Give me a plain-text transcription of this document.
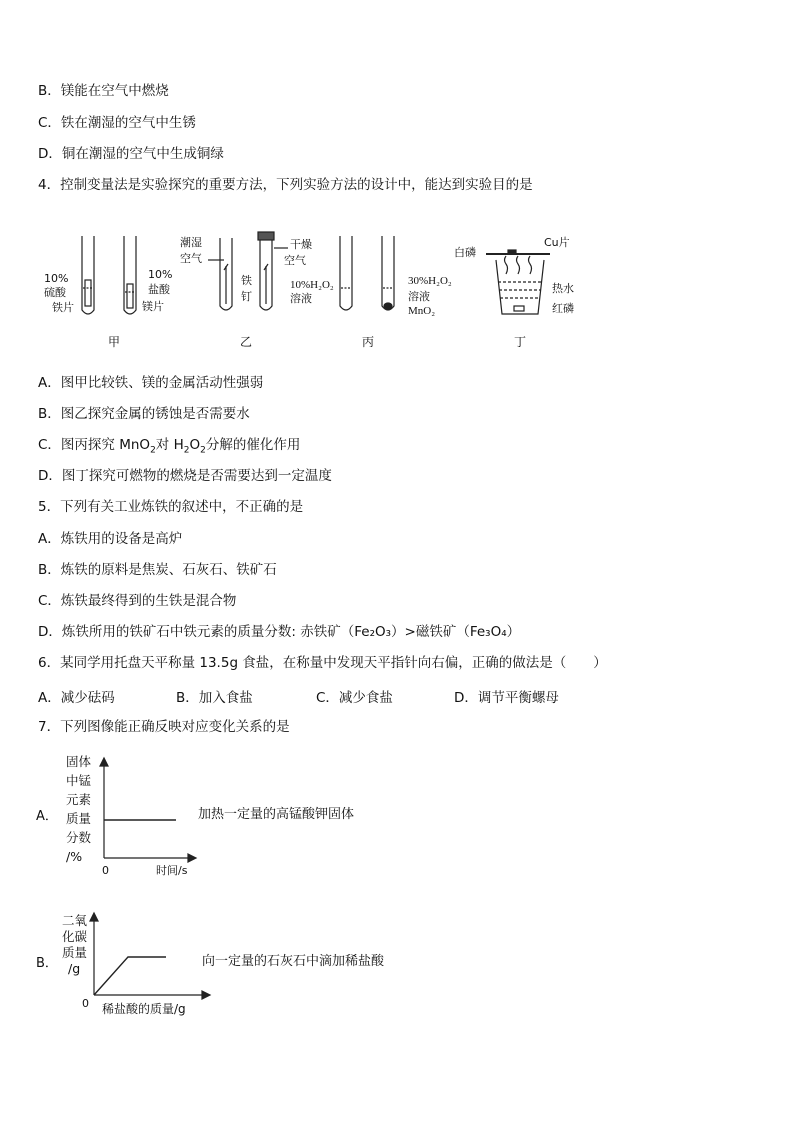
B．镁能在空气中燃烧
C．铁在潮湿的空气中生锈
D．铜在潮湿的空气中生成铜绿
4．控制变量法是实验探究的重要方法，下列实验方法的设计中，能达到实验目的是
10%
硫酸
铁片
10%
盐酸
镁片
甲
潮湿
空气
干燥
空气
铁
钉
乙
10%H₂O₂
溶液
30%H₂O₂
溶液
MnO₂
丙
白磷
Cu片
热水
红磷
丁
A．图甲比较铁、镁的金属活动性强弱
B．图乙探究金属的锈蚀是否需要水
C．图丙探究 MnO$_2$对 $H_2O_2$分解的催化作用
D．图丁探究可燃物的燃烧是否需要达到一定温度
5．下列有关工业炼铁的叙述中，不正确的是
A．炼铁用的设备是高炉
B．炼铁的原料是焦炭、石灰石、铁矿石
C．炼铁最终得到的生铁是混合物
D．炼铁所用的铁矿石中铁元素的质量分数: 赤铁矿（Fe₂O₃）>磁铁矿（Fe₃O₄）
6．某同学用托盘天平称量 13.5g 食盐，在称量中发现天平指针向右偏，正确的做法是（　　）
A．减少砝码	B．加入食盐	C．减少食盐	D．调节平衡螺母
7．下列图像能正确反映对应变化关系的是
A．
固体
中锰
元素
质量
分数
/%
0	时间/s
加热一定量的高锰酸钾固体
B．
二氧
化碳
质量
/g
0 稀盐酸的质量/g
向一定量的石灰石中滴加稀盐酸
